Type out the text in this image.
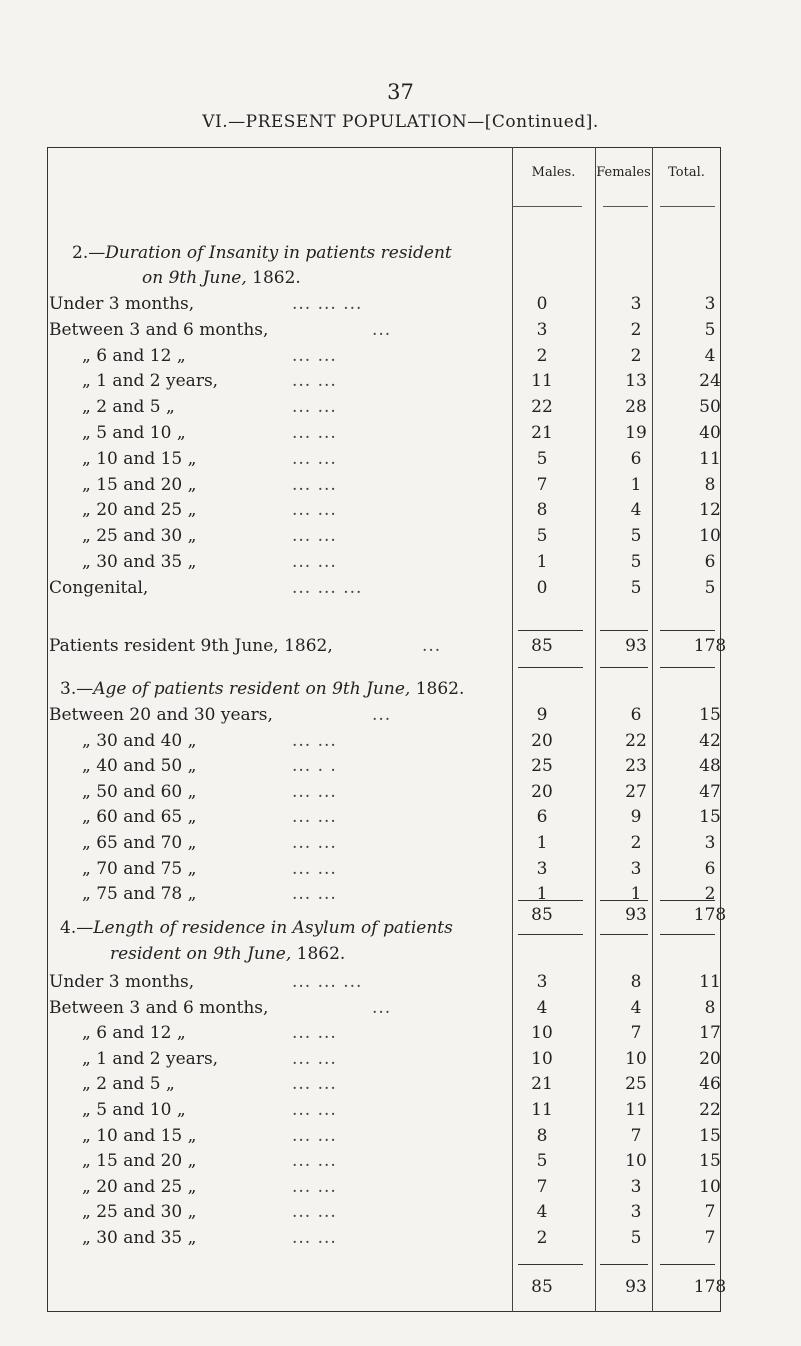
37
VI.—PRESENT POPULATION—[Continued].
Males.	Females	Total.
2.—Duration of Insanity in patients resident
on 9th June, 1862.
Under 3 months,	... ... ...	0	3	3
Between 3 and 6 months,	...	3	2	5
„ 6 and 12 „	... ...	2	2	4
„ 1 and 2 years,	... ...	11	13	24
„ 2 and 5 „	... ...	22	28	50
„ 5 and 10 „	... ...	21	19	40
„ 10 and 15 „	... ...	5	6	11
„ 15 and 20 „	... ...	7	1	8
„ 20 and 25 „	... ...	8	4	12
„ 25 and 30 „	... ...	5	5	10
„ 30 and 35 „	... ...	1	5	6
Congenital,	... ... ...	0	5	5
Patients resident 9th June, 1862,	...	85	93	178
3.—Age of patients resident on 9th June, 1862.
Between 20 and 30 years,	...	9	6	15
„ 30 and 40 „	... ...	20	22	42
„ 40 and 50 „	... . .	25	23	48
„ 50 and 60 „	... ...	20	27	47
„ 60 and 65 „	... ...	6	9	15
„ 65 and 70 „	... ...	1	2	3
„ 70 and 75 „	... ...	3	3	6
„ 75 and 78 „	... ...	1	1	2
85	93	178
4.—Length of residence in Asylum of patients
resident on 9th June, 1862.
Under 3 months,	... ... ...	3	8	11
Between 3 and 6 months,	...	4	4	8
„ 6 and 12 „	... ...	10	7	17
„ 1 and 2 years,	... ...	10	10	20
„ 2 and 5 „	... ...	21	25	46
„ 5 and 10 „	... ...	11	11	22
„ 10 and 15 „	... ...	8	7	15
„ 15 and 20 „	... ...	5	10	15
„ 20 and 25 „	... ...	7	3	10
„ 25 and 30 „	... ...	4	3	7
„ 30 and 35 „	... ...	2	5	7
85	93	178
